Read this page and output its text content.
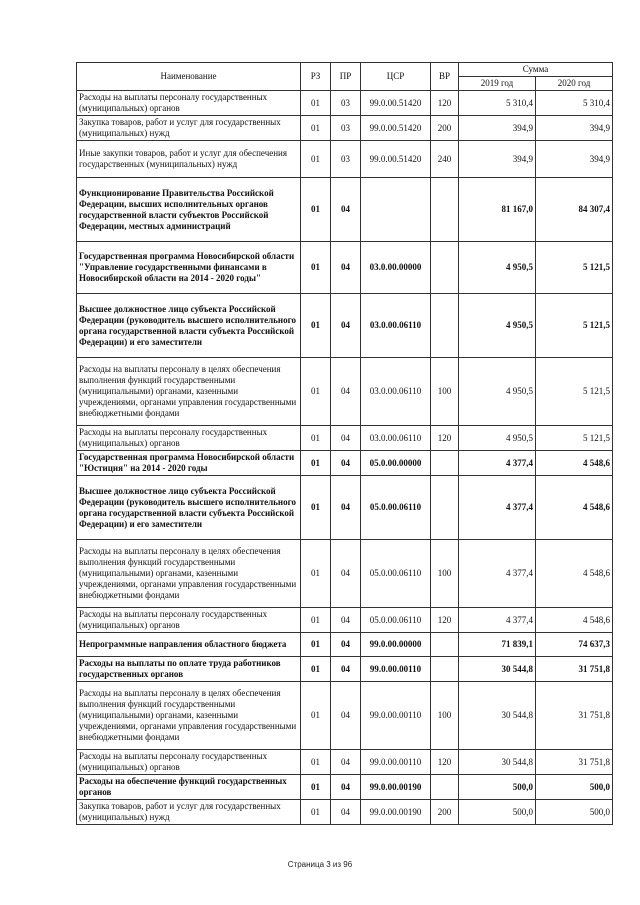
Наименование	РЗ	ПР	ЦСР	ВР	Сумма	
					2019 год	2020 год
Расходы на выплаты персоналу государственных (муниципальных) органов	01	03	99.0.00.51420	120	5 310,4	5 310,4
Закупка товаров, работ и услуг для государственных (муниципальных) нужд	01	03	99.0.00.51420	200	394,9	394,9
Иные закупки товаров, работ и услуг для обеспечения государственных (муниципальных) нужд	01	03	99.0.00.51420	240	394,9	394,9
Функционирование Правительства Российской Федерации, высших исполнительных органов государственной власти субъектов Российской Федерации, местных администраций	01	04			81 167,0	84 307,4
Государственная программа Новосибирской области "Управление государственными финансами в Новосибирской области на 2014 - 2020 годы"	01	04	03.0.00.00000		4 950,5	5 121,5
Высшее должностное лицо субъекта Российской Федерации (руководитель высшего исполнительного органа государственной власти субъекта Российской Федерации) и его заместители	01	04	03.0.00.06110		4 950,5	5 121,5
Расходы на выплаты персоналу в целях обеспечения выполнения функций государственными (муниципальными) органами, казенными учреждениями, органами управления государственными внебюджетными фондами	01	04	03.0.00.06110	100	4 950,5	5 121,5
Расходы на выплаты персоналу государственных (муниципальных) органов	01	04	03.0.00.06110	120	4 950,5	5 121,5
Государственная программа Новосибирской области "Юстиция" на 2014 - 2020 годы	01	04	05.0.00.00000		4 377,4	4 548,6
Высшее должностное лицо субъекта Российской Федерации (руководитель высшего исполнительного органа государственной власти субъекта Российской Федерации) и его заместители	01	04	05.0.00.06110		4 377,4	4 548,6
Расходы на выплаты персоналу в целях обеспечения выполнения функций государственными (муниципальными) органами, казенными учреждениями, органами управления государственными внебюджетными фондами	01	04	05.0.00.06110	100	4 377,4	4 548,6
Расходы на выплаты персоналу государственных (муниципальных) органов	01	04	05.0.00.06110	120	4 377,4	4 548,6
Непрограммные направления областного бюджета	01	04	99.0.00.00000		71 839,1	74 637,3
Расходы на выплаты по оплате труда работников государственных органов	01	04	99.0.00.00110		30 544,8	31 751,8
Расходы на выплаты персоналу в целях обеспечения выполнения функций государственными (муниципальными) органами, казенными учреждениями, органами управления государственными внебюджетными фондами	01	04	99.0.00.00110	100	30 544,8	31 751,8
Расходы на выплаты персоналу государственных (муниципальных) органов	01	04	99.0.00.00110	120	30 544,8	31 751,8
Расходы на обеспечение функций государственных органов	01	04	99.0.00.00190		500,0	500,0
Закупка товаров, работ и услуг для государственных (муниципальных) нужд	01	04	99.0.00.00190	200	500,0	500,0
Страница 3 из 96
